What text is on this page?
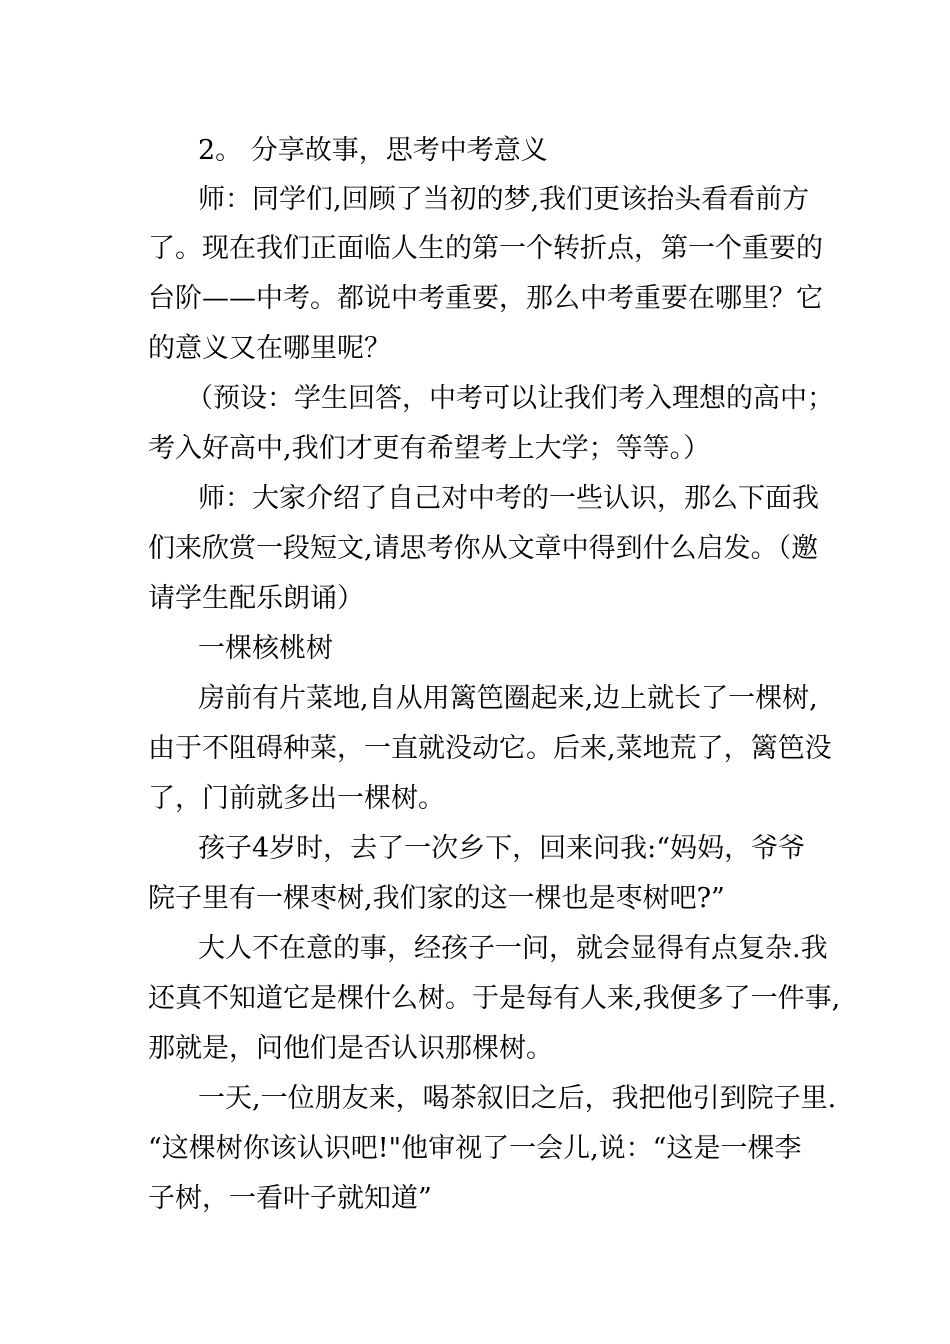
2。 分享故事，思考中考意义
师：同学们,回顾了当初的梦,我们更该抬头看看前方
了。现在我们正面临人生的第一个转折点，第一个重要的
台阶——中考。都说中考重要，那么中考重要在哪里？它
的意义又在哪里呢？
（预设：学生回答，中考可以让我们考入理想的高中；
考入好高中,我们才更有希望考上大学；等等。）
师：大家介绍了自己对中考的一些认识，那么下面我
们来欣赏一段短文,请思考你从文章中得到什么启发。（邀
请学生配乐朗诵）
一棵核桃树
房前有片菜地,自从用篱笆圈起来,边上就长了一棵树,
由于不阻碍种菜，一直就没动它。后来,菜地荒了，篱笆没
了，门前就多出一棵树。
孩子4岁时，去了一次乡下，回来问我:“妈妈，爷爷
院子里有一棵枣树,我们家的这一棵也是枣树吧?”
大人不在意的事，经孩子一问，就会显得有点复杂.我
还真不知道它是棵什么树。于是每有人来,我便多了一件事,
那就是，问他们是否认识那棵树。
一天,一位朋友来，喝茶叙旧之后，我把他引到院子里.
“这棵树你该认识吧!"他审视了一会儿,说：“这是一棵李
子树，一看叶子就知道”
